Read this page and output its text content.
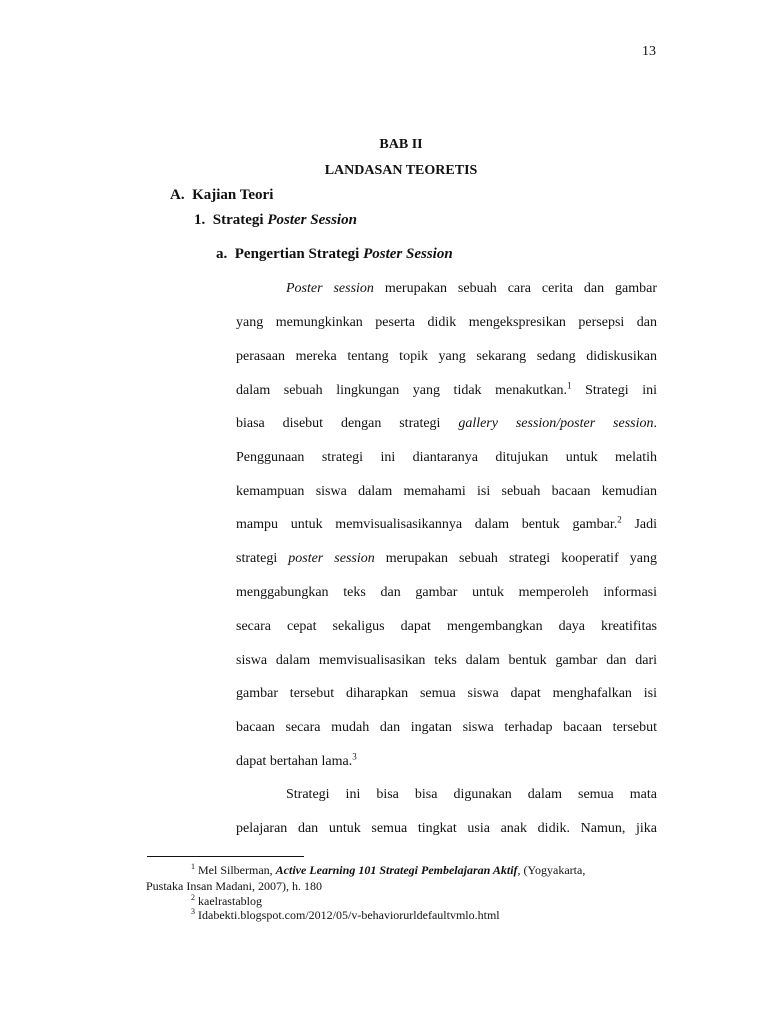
13
BAB II
LANDASAN TEORETIS
A. Kajian Teori
1. Strategi Poster Session
a. Pengertian Strategi Poster Session
Poster session merupakan sebuah cara cerita dan gambar
yang memungkinkan peserta didik mengekspresikan persepsi dan
perasaan mereka tentang topik yang sekarang sedang didiskusikan
dalam sebuah lingkungan yang tidak menakutkan.$^1$ Strategi ini
biasa disebut dengan strategi gallery session/poster session.
Penggunaan strategi ini diantaranya ditujukan untuk melatih
kemampuan siswa dalam memahami isi sebuah bacaan kemudian
mampu untuk memvisualisasikannya dalam bentuk gambar.$^2$ Jadi
strategi poster session merupakan sebuah strategi kooperatif yang
menggabungkan teks dan gambar untuk memperoleh informasi
secara cepat sekaligus dapat mengembangkan daya kreatifitas
siswa dalam memvisualisasikan teks dalam bentuk gambar dan dari
gambar tersebut diharapkan semua siswa dapat menghafalkan isi
bacaan secara mudah dan ingatan siswa terhadap bacaan tersebut
dapat bertahan lama.$^3$
Strategi ini bisa bisa digunakan dalam semua mata
pelajaran dan untuk semua tingkat usia anak didik. Namun, jika
$^1$ Mel Silberman, Active Learning 101 Strategi Pembelajaran Aktif, (Yogyakarta,
Pustaka Insan Madani, 2007), h. 180
$^2$ kaelrastablog
$^3$ Idabekti.blogspot.com/2012/05/v-behaviorurldefaultvmlo.html
